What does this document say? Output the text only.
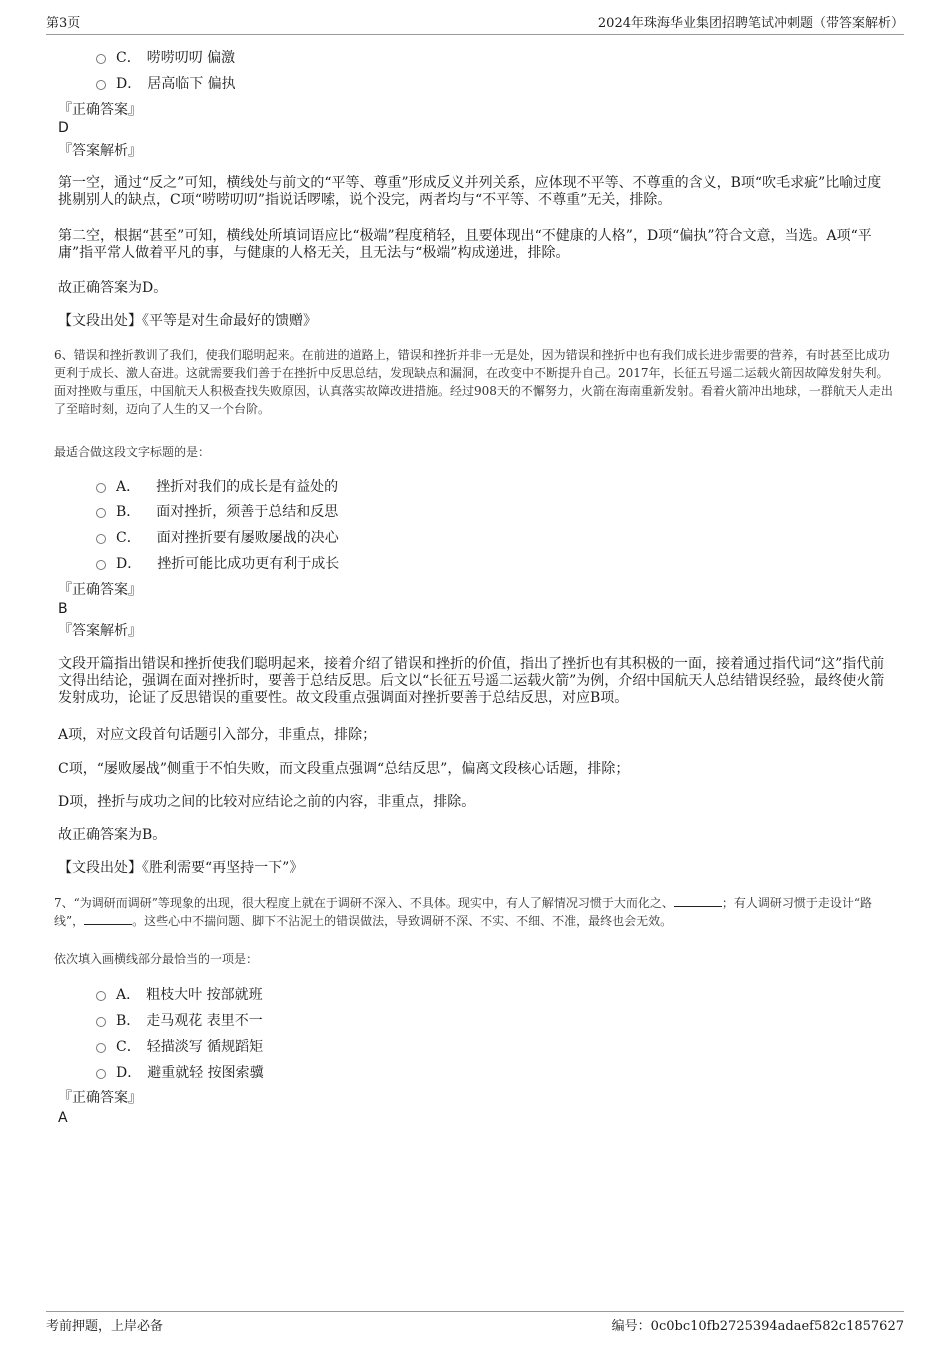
第3页	2024年珠海华业集团招聘笔试冲刺题（带答案解析）
C． 唠唠叨叨 偏激
D． 居高临下 偏执
『正确答案』
D
『答案解析』
第一空，通过“反之”可知，横线处与前文的“平等、尊重”形成反义并列关系，应体现不平等、不尊重的含义，B项“吹毛求疵”比喻过度挑剔别人的缺点，C项“唠唠叨叨”指说话啰嗦，说个没完，两者均与“不平等、不尊重”无关，排除。
第二空，根据“甚至”可知，横线处所填词语应比“极端”程度稍轻，且要体现出“不健康的人格”，D项“偏执”符合文意，当选。A项“平庸”指平常人做着平凡的事，与健康的人格无关，且无法与“极端”构成递进，排除。
故正确答案为D。
【文段出处】《平等是对生命最好的馈赠》
6、错误和挫折教训了我们，使我们聪明起来。在前进的道路上，错误和挫折并非一无是处，因为错误和挫折中也有我们成长进步需要的营养，有时甚至比成功更利于成长、激人奋进。这就需要我们善于在挫折中反思总结，发现缺点和漏洞，在改变中不断提升自己。2017年，长征五号遥二运载火箭因故障发射失利。面对挫败与重压，中国航天人积极查找失败原因，认真落实故障改进措施。经过908天的不懈努力，火箭在海南重新发射。看着火箭冲出地球，一群航天人走出了至暗时刻，迈向了人生的又一个台阶。
最适合做这段文字标题的是：
A． 挫折对我们的成长是有益处的
B． 面对挫折，须善于总结和反思
C． 面对挫折要有屡败屡战的决心
D． 挫折可能比成功更有利于成长
『正确答案』
B
『答案解析』
文段开篇指出错误和挫折使我们聪明起来，接着介绍了错误和挫折的价值，指出了挫折也有其积极的一面，接着通过指代词“这”指代前文得出结论，强调在面对挫折时，要善于总结反思。后文以“长征五号遥二运载火箭”为例，介绍中国航天人总结错误经验，最终使火箭发射成功，论证了反思错误的重要性。故文段重点强调面对挫折要善于总结反思，对应B项。
A项，对应文段首句话题引入部分，非重点，排除；
C项，“屡败屡战”侧重于不怕失败，而文段重点强调“总结反思”，偏离文段核心话题，排除；
D项，挫折与成功之间的比较对应结论之前的内容，非重点，排除。
故正确答案为B。
【文段出处】《胜利需要“再坚持一下”》
7、“为调研而调研”等现象的出现，很大程度上就在于调研不深入、不具体。现实中，有人了解情况习惯于大而化之、	；有人调研习惯于走设计“路线”，	。这些心中不揣问题、脚下不沾泥土的错误做法，导致调研不深、不实、不细、不准，最终也会无效。
依次填入画横线部分最恰当的一项是：
A． 粗枝大叶 按部就班
B． 走马观花 表里不一
C． 轻描淡写 循规蹈矩
D． 避重就轻 按图索骥
『正确答案』
A
考前押题，上岸必备	编号：0c0bc10fb2725394adaef582c1857627
